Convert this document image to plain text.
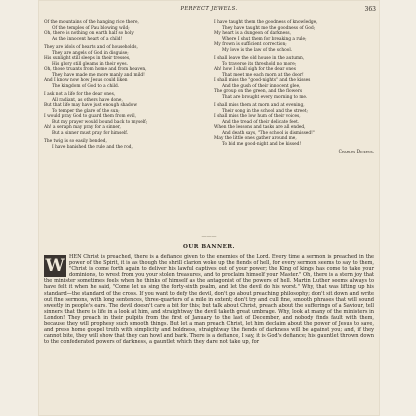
PERFECT JEWELS.	363
Of the mountains of the hanging rice there,
Of the temples of Pau blowing wild;
Oh, there is nothing on earth half so holy
As the innocent heart of a child!
They are idols of hearts and of households,
They are angels of God in disguise;
His sunlight still sleeps in their tresses,
His glory still gleams in their eyes.
Oh, those truants from home and from heaven,
They have made me more manly and mild!
And I know now how Jesus could liken
The kingdom of God to a child.
I ask not a life for the dear ones,
All radiant, as others have done,
But that life may have just enough shadow
To temper the glare of the sun;
I would pray God to guard them from evil,
But my prayer would bound back to myself;
Ah! a seraph may pray for a sinner,
But a sinner must pray for himself.
The twig is so easily bended,
I have banished the rule and the rod,
I have taught them the goodness of knowledge,
They have taught me the goodness of God;
My heart is a dungeon of darkness,
Where I shut them for breaking a rule;
My frown is sufficient correction;
My love is the law of the school.
I shall leave the old house in the autumn,
To traverse its threshold no more;
Ah! how I shall sigh for the dear ones
That meet me each morn at the door!
I shall miss the "good-nights" and the kisses
And the gush of their innocent glee,
The group on the green, and the flowers
That are brought every morning to me.
I shall miss them at morn and at evening,
Their song in the school and the street;
I shall miss the low hum of their voices,
And the tread of their delicate feet.
When the lessons and tasks are all ended,
And death says, "The school is dismissed!"
May the little ones gather around me,
To bid me good-night and be kissed!
Charles Dickens.
———
OUR BANNER.
W HEN Christ is preached, there is a defiance given to the enemies of the Lord. Every time a sermon is preached in the power of the Spirit, it is as though the shrill clarion woke up the fiends of hell, for every sermon seems to say to them, "Christ is come forth again to deliver his lawful captives out of your power; the King of kings has come to take your dominions, to wrest from you your stolen treasures, and to proclaim himself your Master." Oh, there is a stern joy that the minister sometimes feels when he thinks of himself as the antagonist of the powers of hell. Martin Luther seems always to have felt it when he said, "Come let us sing the forty-sixth psalm, and let the devil do his worst." Why, that was lifting up his standard—the standard of the cross. If you want to defy the devil, don't go about preaching philosophy; don't sit down and write out fine sermons, with long sentences, three-quarters of a mile in extent; don't try and cull fine, smooth phrases that will sound sweetly in people's ears. The devil doesn't care a bit for this; but talk about Christ, preach about the sufferings of a Saviour, tell sinners that there is life in a look at him, and straightway the devil taketh great umbrage. Why, look at many of the ministers in London! They preach in their pulpits from the first of January to the last of December, and nobody finds fault with them, because they will prophesy such smooth things. But let a man preach Christ, let him declaim about the power of Jesus to save, and press home gospel truth with simplicity and boldness, straightway the fiends of darkness will be against you; and, if they cannot bite, they will show that they can howl and bark. There is a defiance, I say, it is God's defiance; his gauntlet thrown down to the confederated powers of darkness, a gauntlet which they dare not take up, for
